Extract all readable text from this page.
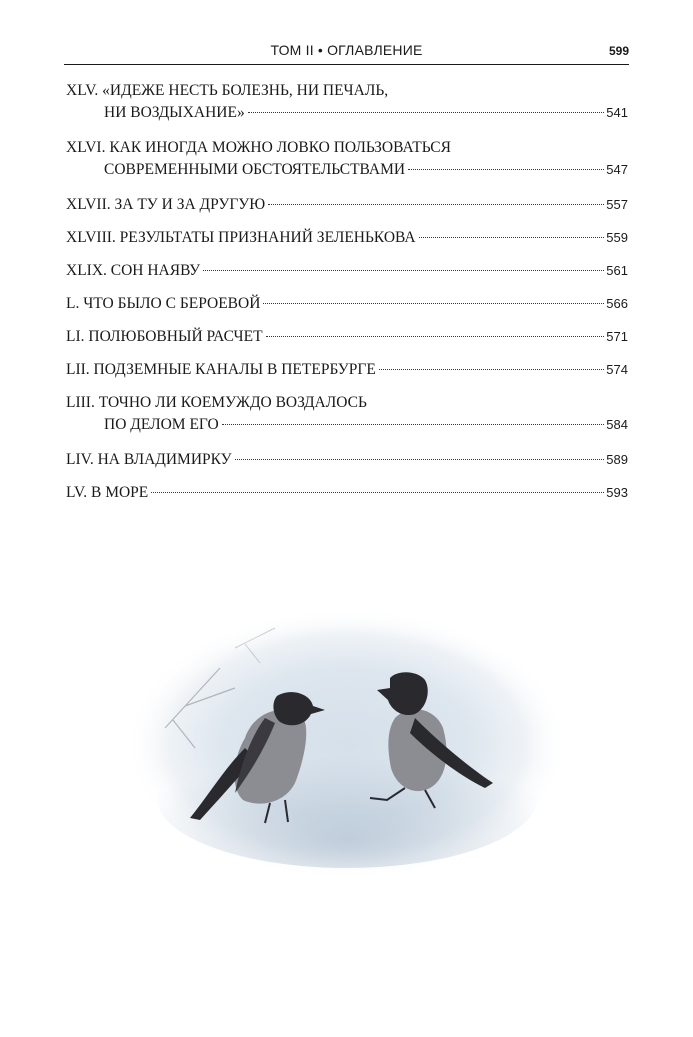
ТОМ II • ОГЛАВЛЕНИЕ	599
XLV. «ИДЕЖЕ НЕСТЬ БОЛЕЗНЬ, НИ ПЕЧАЛЬ,
НИ ВОЗДЫХАНИЕ»	541
XLVI. КАК ИНОГДА МОЖНО ЛОВКО ПОЛЬЗОВАТЬСЯ
СОВРЕМЕННЫМИ ОБСТОЯТЕЛЬСТВАМИ	547
XLVII. ЗА ТУ И ЗА ДРУГУЮ	557
XLVIII. РЕЗУЛЬТАТЫ ПРИЗНАНИЙ ЗЕЛЕНЬКОВА	559
XLIX. СОН НАЯВУ	561
L. ЧТО БЫЛО С БЕРОЕВОЙ	566
LI. ПОЛЮБОВНЫЙ РАСЧЕТ	571
LII. ПОДЗЕМНЫЕ КАНАЛЫ В ПЕТЕРБУРГЕ	574
LIII. ТОЧНО ЛИ КОЕМУЖДО ВОЗДАЛОСЬ
ПО ДЕЛОМ ЕГО	584
LIV. НА ВЛАДИМИРКУ	589
LV. В МОРЕ	593
